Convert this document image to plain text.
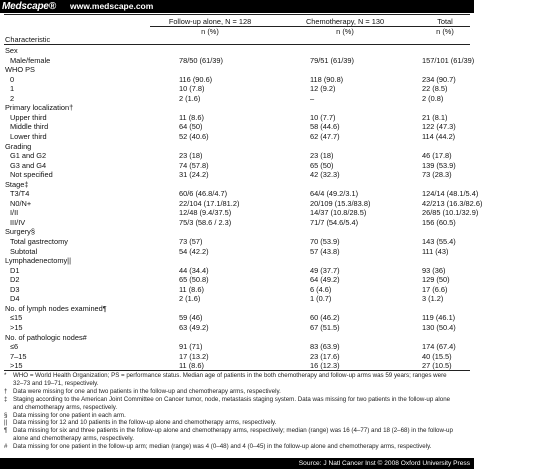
Medscape® www.medscape.com
Follow-up alone, N = 128	Chemotherapy, N = 130	Total
n (%)	n (%)	n (%)
Characteristic
Sex
Male/female	78/50 (61/39)	79/51 (61/39)	157/101 (61/39)
WHO PS
0	116 (90.6)	118 (90.8)	234 (90.7)
1	10 (7.8)	12 (9.2)	22 (8.5)
2	2 (1.6)	–	2 (0.8)
Primary localization†
Upper third	11 (8.6)	10 (7.7)	21 (8.1)
Middle third	64 (50)	58 (44.6)	122 (47.3)
Lower third	52 (40.6)	62 (47.7)	114 (44.2)
Grading
G1 and G2	23 (18)	23 (18)	46 (17.8)
G3 and G4	74 (57.8)	65 (50)	139 (53.9)
Not specified	31 (24.2)	42 (32.3)	73 (28.3)
Stage‡
T3/T4	60/6 (46.8/4.7)	64/4 (49.2/3.1)	124/14 (48.1/5.4)
N0/N+	22/104 (17.1/81.2)	20/109 (15.3/83.8)	42/213 (16.3/82.6)
I/II	12/48 (9.4/37.5)	14/37 (10.8/28.5)	26/85 (10.1/32.9)
III/IV	75/3 (58.6 / 2.3)	71/7 (54.6/5.4)	156 (60.5)
Surgery§
Total gastrectomy	73 (57)	70 (53.9)	143 (55.4)
Subtotal	54 (42.2)	57 (43.8)	111 (43)
Lymphadenectomy||
D1	44 (34.4)	49 (37.7)	93 (36)
D2	65 (50.8)	64 (49.2)	129 (50)
D3	11 (8.6)	6 (4.6)	17 (6.6)
D4	2 (1.6)	1 (0.7)	3 (1.2)
No. of lymph nodes examined¶
≤15	59 (46)	60 (46.2)	119 (46.1)
>15	63 (49.2)	67 (51.5)	130 (50.4)
No. of pathologic nodes#
≤6	91 (71)	83 (63.9)	174 (67.4)
7–15	17 (13.2)	23 (17.6)	40 (15.5)
>15	11 (8.6)	16 (12.3)	27 (10.5)
* WHO = World Health Organization; PS = performance status. Median age of patients in the both chemotherapy and follow-up arms was 59 years; ranges were
32–73 and 19–71, respectively.
† Data were missing for one and two patients in the follow-up and chemotherapy arms, respectively.
‡ Staging according to the American Joint Committee on Cancer tumor, node, metastasis staging system. Data was missing for two patients in the follow-up alone
and chemotherapy arms, respectively.
§ Data missing for one patient in each arm.
|| Data missing for 12 and 10 patients in the follow-up alone and chemotherapy arms, respectively.
¶ Data missing for six and three patients in the follow-up alone and chemotherapy arms, respectively; median (range) was 16 (4–77) and 18 (2–68) in the follow-up
alone and chemotherapy arms, respectively.
# Data missing for one patient in the follow-up arm; median (range) was 4 (0–48) and 4 (0–45) in the follow-up alone and chemotherapy arms, respectively.
Source: J Natl Cancer Inst © 2008 Oxford University Press
